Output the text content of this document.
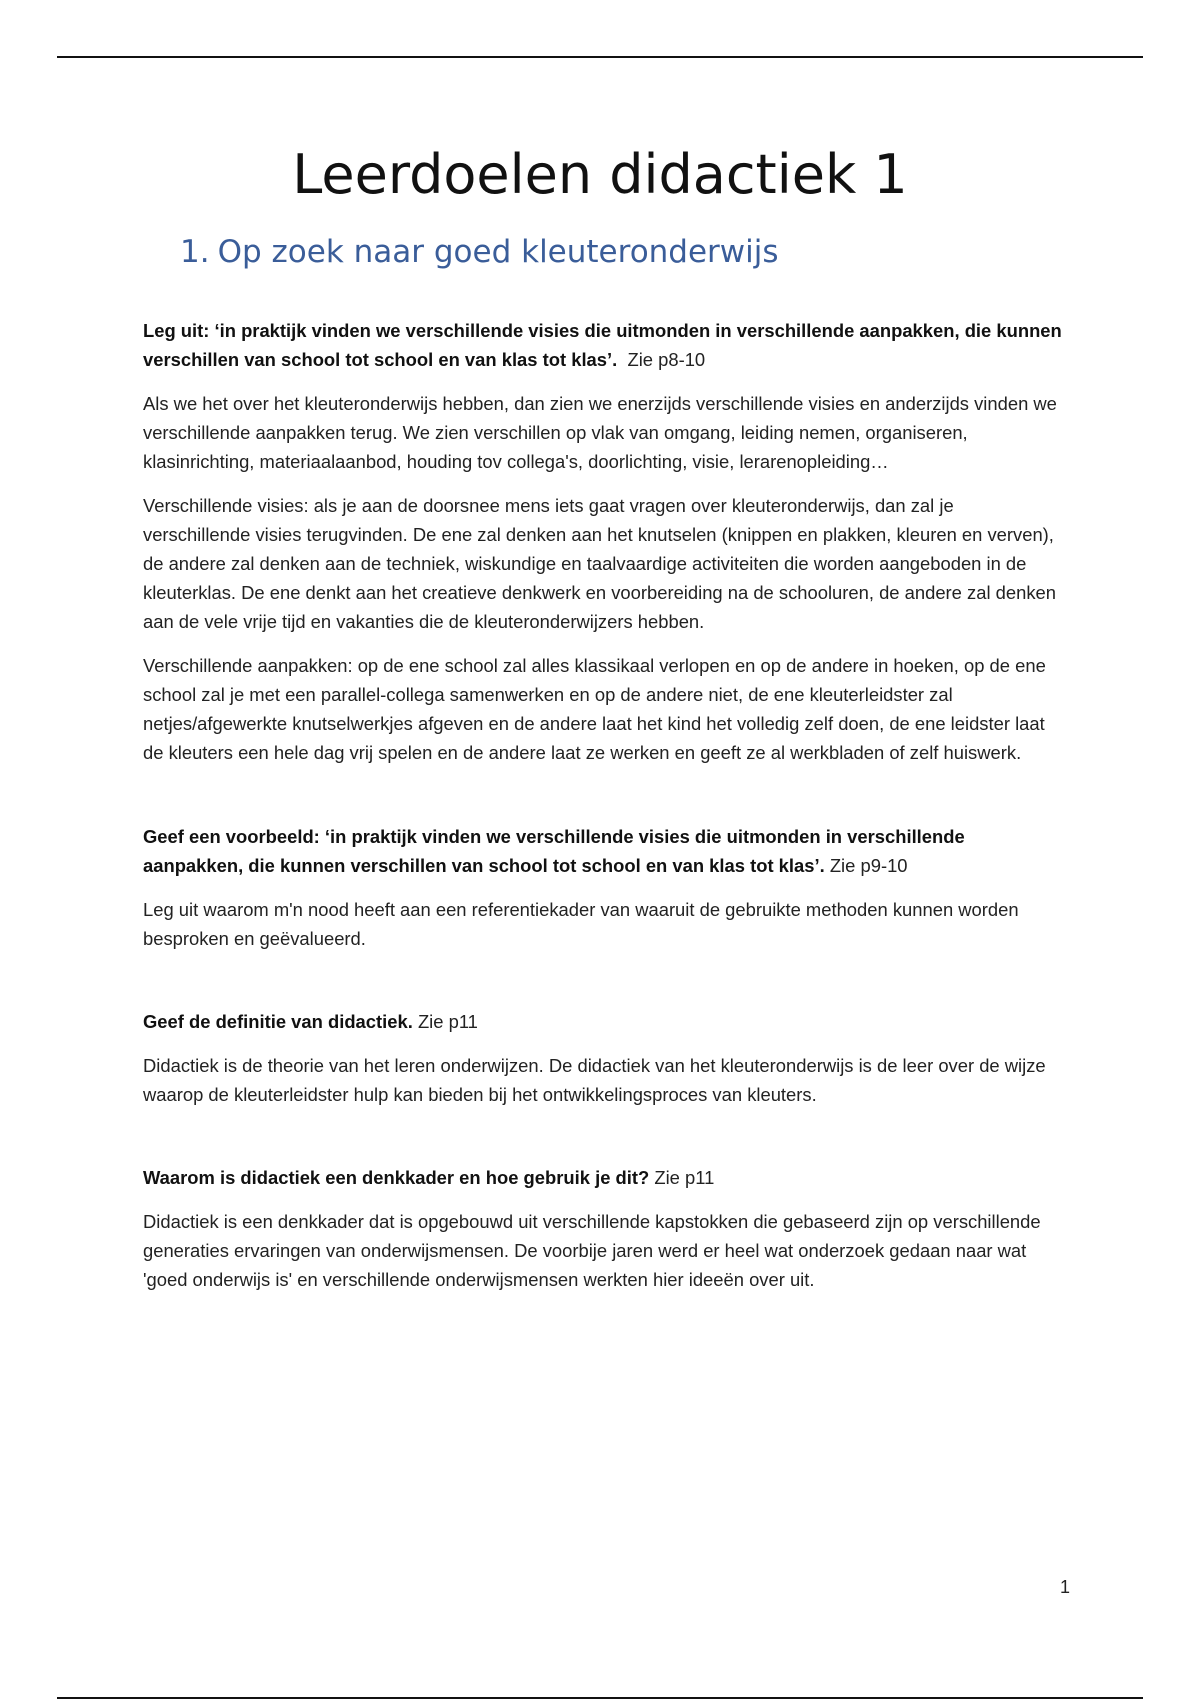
Leerdoelen didactiek 1
1. Op zoek naar goed kleuteronderwijs

Leg uit: ‘in praktijk vinden we verschillende visies die uitmonden in verschillende aanpakken, die kunnen verschillen van school tot school en van klas tot klas’. Zie p8-10

Als we het over het kleuteronderwijs hebben, dan zien we enerzijds verschillende visies en anderzijds vinden we verschillende aanpakken terug. We zien verschillen op vlak van omgang, leiding nemen, organiseren, klasinrichting, materiaalaanbod, houding tov collega's, doorlichting, visie, lerarenopleiding…

Verschillende visies: als je aan de doorsnee mens iets gaat vragen over kleuteronderwijs, dan zal je verschillende visies terugvinden. De ene zal denken aan het knutselen (knippen en plakken, kleuren en verven), de andere zal denken aan de techniek, wiskundige en taalvaardige activiteiten die worden aangeboden in de kleuterklas. De ene denkt aan het creatieve denkwerk en voorbereiding na de schooluren, de andere zal denken aan de vele vrije tijd en vakanties die de kleuteronderwijzers hebben.

Verschillende aanpakken: op de ene school zal alles klassikaal verlopen en op de andere in hoeken, op de ene school zal je met een parallel-collega samenwerken en op de andere niet, de ene kleuterleidster zal netjes/afgewerkte knutselwerkjes afgeven en de andere laat het kind het volledig zelf doen, de ene leidster laat de kleuters een hele dag vrij spelen en de andere laat ze werken en geeft ze al werkbladen of zelf huiswerk.

Geef een voorbeeld: ‘in praktijk vinden we verschillende visies die uitmonden in verschillende aanpakken, die kunnen verschillen van school tot school en van klas tot klas’. Zie p9-10

Leg uit waarom m'n nood heeft aan een referentiekader van waaruit de gebruikte methoden kunnen worden besproken en geëvalueerd.

Geef de definitie van didactiek. Zie p11

Didactiek is de theorie van het leren onderwijzen. De didactiek van het kleuteronderwijs is de leer over de wijze waarop de kleuterleidster hulp kan bieden bij het ontwikkelingsproces van kleuters.

Waarom is didactiek een denkkader en hoe gebruik je dit? Zie p11

Didactiek is een denkkader dat is opgebouwd uit verschillende kapstokken die gebaseerd zijn op verschillende generaties ervaringen van onderwijsmensen. De voorbije jaren werd er heel wat onderzoek gedaan naar wat 'goed onderwijs is' en verschillende onderwijsmensen werkten hier ideeën over uit.

1
